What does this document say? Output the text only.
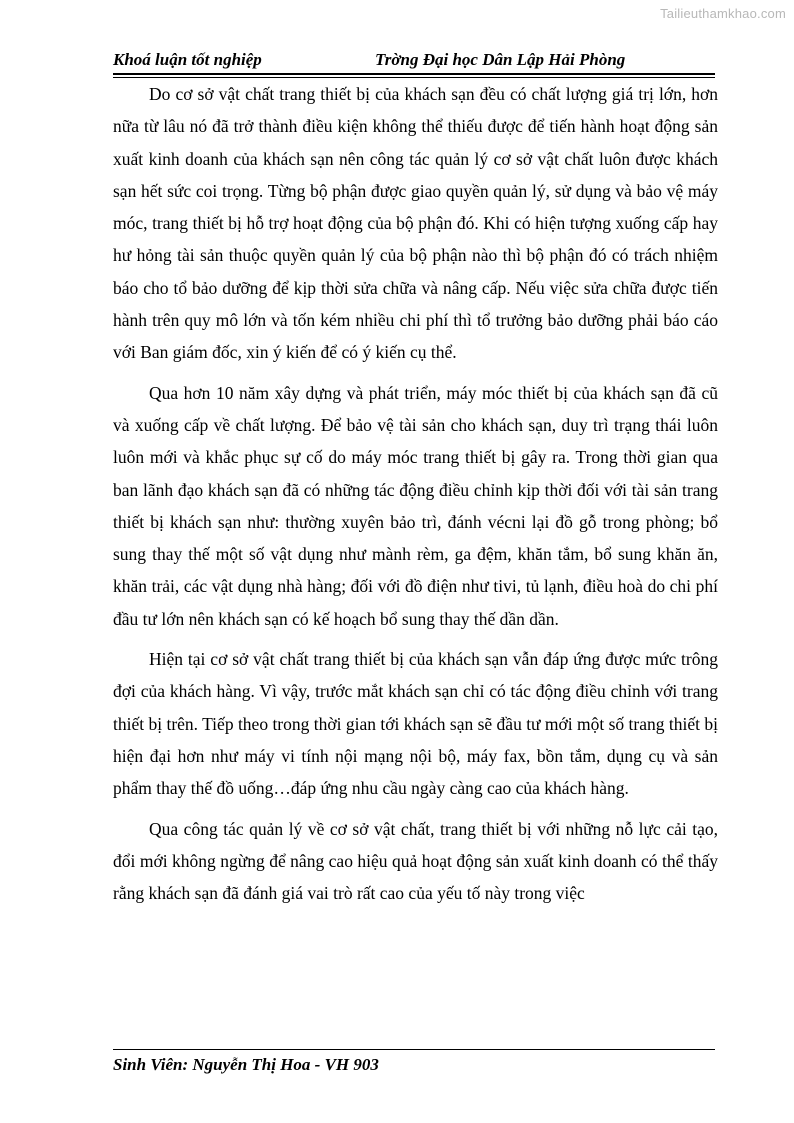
Tailieuthamkhao.com
Khoá luận tốt nghiệp	Trờng Đại học Dân Lập Hải Phòng

Do cơ sở vật chất trang thiết bị của khách sạn đều có chất lượng giá trị lớn, hơn nữa từ lâu nó đã trở thành điều kiện không thể thiếu được để tiến hành hoạt động sản xuất kinh doanh của khách sạn nên công tác quản lý cơ sở vật chất luôn được khách sạn hết sức coi trọng. Từng bộ phận được giao quyền quản lý, sử dụng và bảo vệ máy móc, trang thiết bị hỗ trợ hoạt động của bộ phận đó. Khi có hiện tượng xuống cấp hay hư hỏng tài sản thuộc quyền quản lý của bộ phận nào thì bộ phận đó có trách nhiệm báo cho tổ bảo dưỡng để kịp thời sửa chữa và nâng cấp. Nếu việc sửa chữa được tiến hành trên quy mô lớn và tốn kém nhiều chi phí thì tổ trưởng bảo dưỡng phải báo cáo với Ban giám đốc, xin ý kiến để có ý kiến cụ thể.

Qua hơn 10 năm xây dựng và phát triển, máy móc thiết bị của khách sạn đã cũ và xuống cấp về chất lượng. Để bảo vệ tài sản cho khách sạn, duy trì trạng thái luôn luôn mới và khắc phục sự cố do máy móc trang thiết bị gây ra. Trong thời gian qua ban lãnh đạo khách sạn đã có những tác động điều chỉnh kịp thời đối với tài sản trang thiết bị khách sạn như: thường xuyên bảo trì, đánh vécni lại đồ gỗ trong phòng; bổ sung thay thế một số vật dụng như mành rèm, ga đệm, khăn tắm, bổ sung khăn ăn, khăn trải, các vật dụng nhà hàng; đối với đồ điện như tivi, tủ lạnh, điều hoà do chi phí đầu tư lớn nên khách sạn có kế hoạch bổ sung thay thế dần dần.

Hiện tại cơ sở vật chất trang thiết bị của khách sạn vẫn đáp ứng được mức trông đợi của khách hàng. Vì vậy, trước mắt khách sạn chỉ có tác động điều chỉnh với trang thiết bị trên. Tiếp theo trong thời gian tới khách sạn sẽ đầu tư mới một số trang thiết bị hiện đại hơn như máy vi tính nội mạng nội bộ, máy fax, bồn tắm, dụng cụ và sản phẩm thay thế đồ uống…đáp ứng nhu cầu ngày càng cao của khách hàng.

Qua công tác quản lý về cơ sở vật chất, trang thiết bị với những nỗ lực cải tạo, đổi mới không ngừng để nâng cao hiệu quả hoạt động sản xuất kinh doanh có thể thấy rằng khách sạn đã đánh giá vai trò rất cao của yếu tố này trong việc

Sinh Viên: Nguyễn Thị Hoa - VH 903
